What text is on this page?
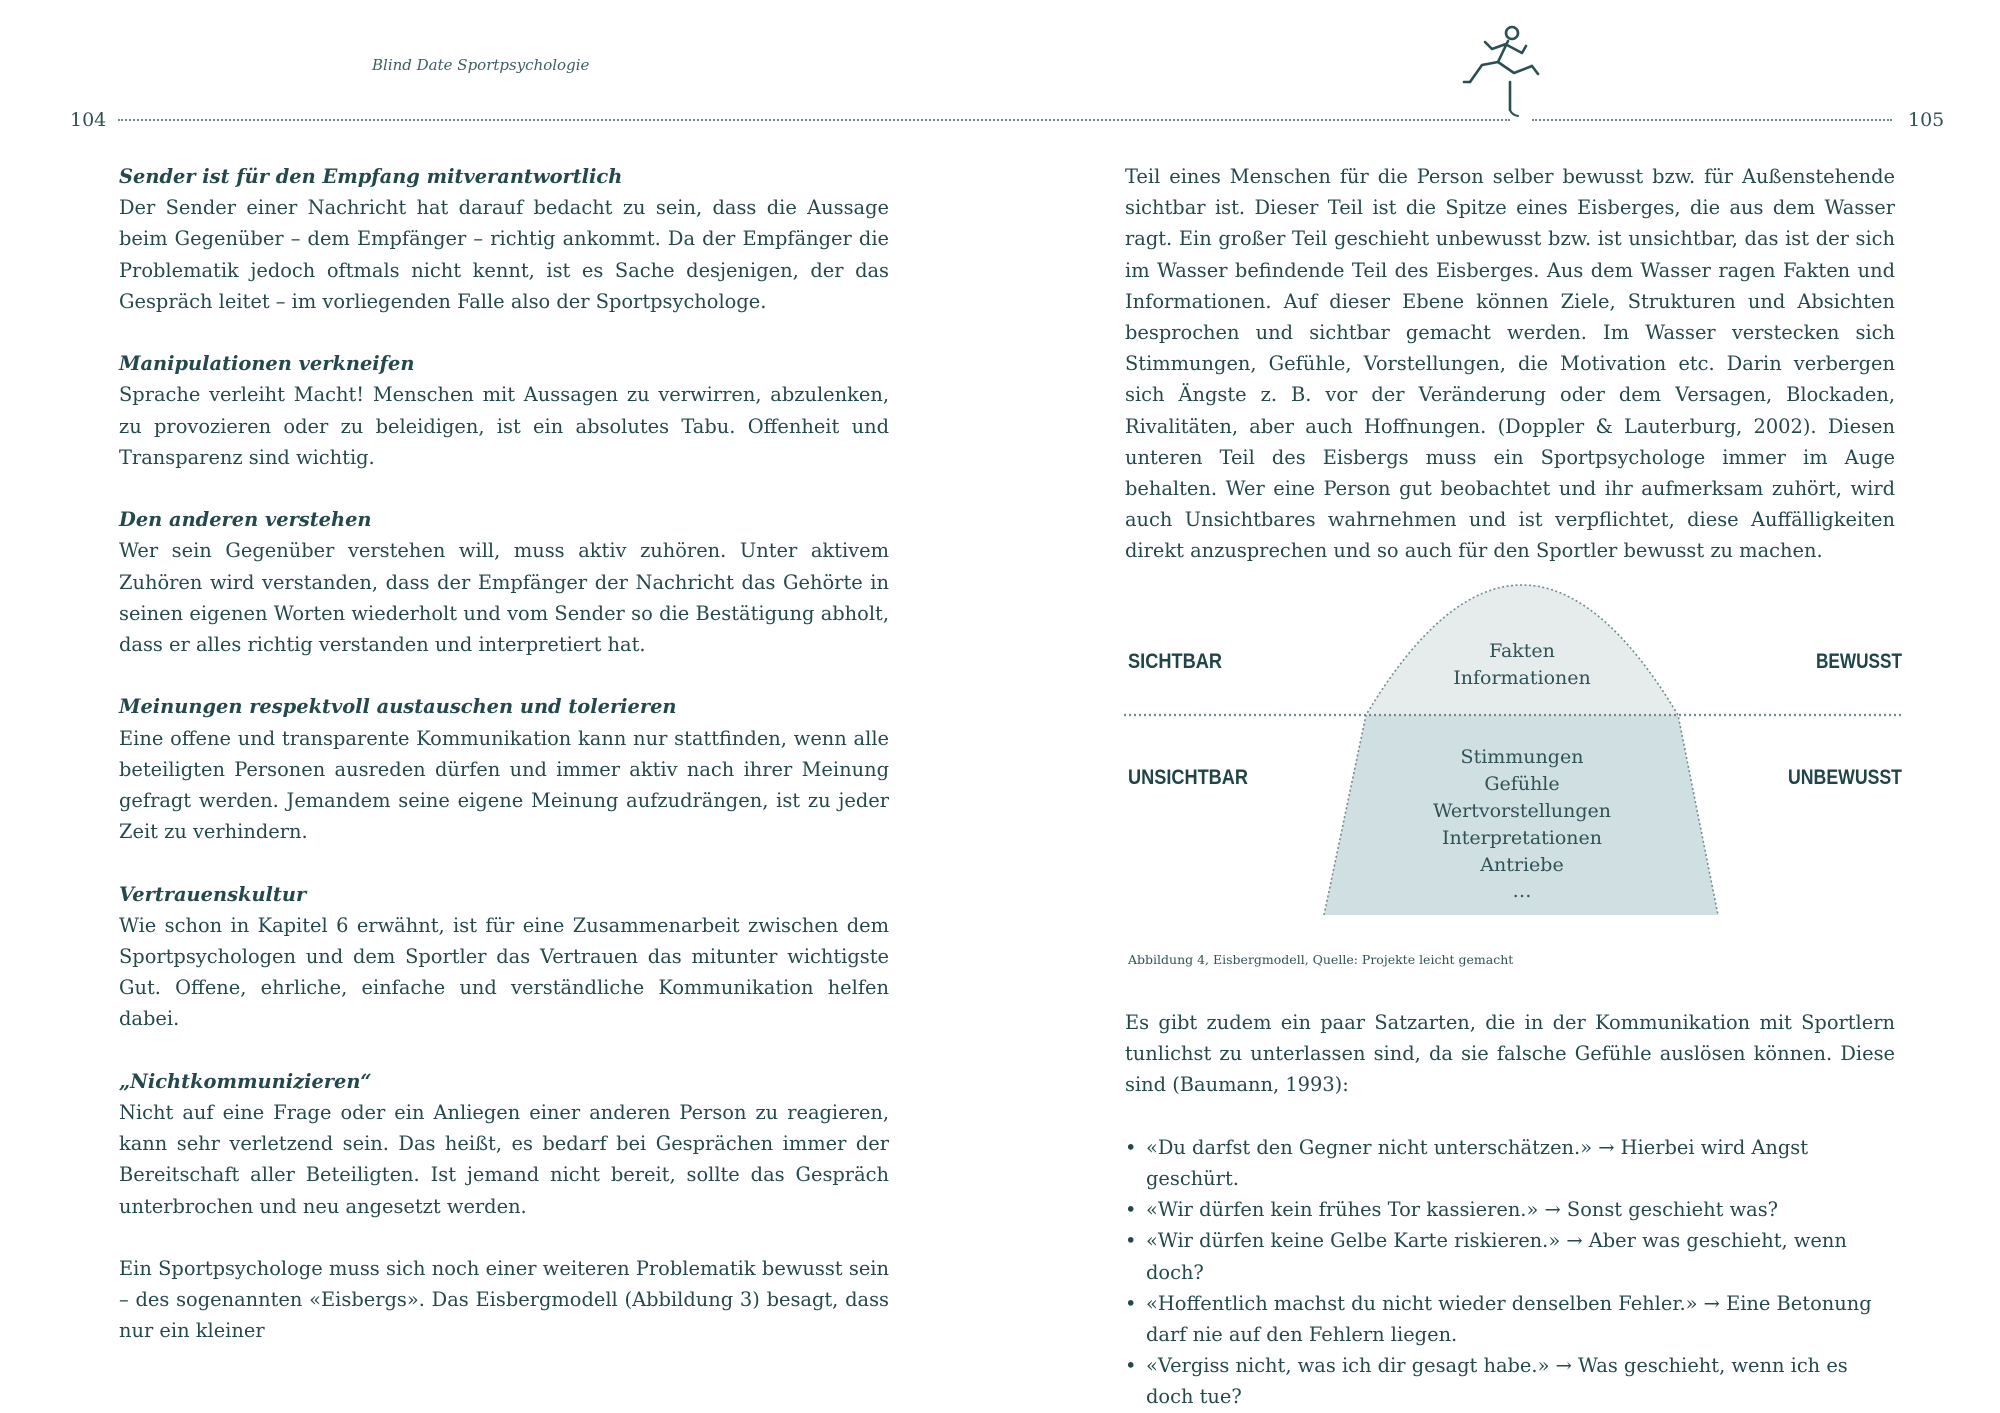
Blind Date Sportpsychologie
104	105
Sender ist für den Empfang mitverantwortlich
Der Sender einer Nachricht hat darauf bedacht zu sein, dass die Aussage beim Gegenüber – dem Empfänger – richtig ankommt. Da der Empfänger die Problematik jedoch oftmals nicht kennt, ist es Sache desjenigen, der das Gespräch leitet – im vorliegenden Falle also der Sportpsychologe.
Manipulationen verkneifen
Sprache verleiht Macht! Menschen mit Aussagen zu verwirren, abzulenken, zu provozieren oder zu beleidigen, ist ein absolutes Tabu. Offenheit und Transparenz sind wichtig.
Den anderen verstehen
Wer sein Gegenüber verstehen will, muss aktiv zuhören. Unter aktivem Zuhören wird verstanden, dass der Empfänger der Nachricht das Gehörte in seinen eigenen Worten wiederholt und vom Sender so die Bestätigung abholt, dass er alles richtig verstanden und interpretiert hat.
Meinungen respektvoll austauschen und tolerieren
Eine offene und transparente Kommunikation kann nur stattfinden, wenn alle beteiligten Personen ausreden dürfen und immer aktiv nach ihrer Meinung gefragt werden. Jemandem seine eigene Meinung aufzudrängen, ist zu jeder Zeit zu verhindern.
Vertrauenskultur
Wie schon in Kapitel 6 erwähnt, ist für eine Zusammenarbeit zwischen dem Sportpsychologen und dem Sportler das Vertrauen das mitunter wichtigste Gut. Offene, ehrliche, einfache und verständliche Kommunikation helfen dabei.
„Nichtkommunizieren“
Nicht auf eine Frage oder ein Anliegen einer anderen Person zu reagieren, kann sehr verletzend sein. Das heißt, es bedarf bei Gesprächen immer der Bereitschaft aller Beteiligten. Ist jemand nicht bereit, sollte das Gespräch unterbrochen und neu angesetzt werden.
Ein Sportpsychologe muss sich noch einer weiteren Problematik bewusst sein – des sogenannten «Eisbergs». Das Eisbergmodell (Abbildung 3) besagt, dass nur ein kleiner
Teil eines Menschen für die Person selber bewusst bzw. für Außenstehende sichtbar ist. Dieser Teil ist die Spitze eines Eisberges, die aus dem Wasser ragt. Ein großer Teil geschieht unbewusst bzw. ist unsichtbar, das ist der sich im Wasser befindende Teil des Eisberges. Aus dem Wasser ragen Fakten und Informationen. Auf dieser Ebene können Ziele, Strukturen und Absichten besprochen und sichtbar gemacht werden. Im Wasser verstecken sich Stimmungen, Gefühle, Vorstellungen, die Motivation etc. Darin verbergen sich Ängste z. B. vor der Veränderung oder dem Versagen, Blockaden, Rivalitäten, aber auch Hoffnungen. (Doppler & Lauterburg, 2002). Diesen unteren Teil des Eisbergs muss ein Sportpsychologe immer im Auge behalten. Wer eine Person gut beobachtet und ihr aufmerksam zuhört, wird auch Unsichtbares wahrnehmen und ist verpflichtet, diese Auffälligkeiten direkt anzusprechen und so auch für den Sportler bewusst zu machen.
SICHTBAR
UNSICHTBAR
BEWUSST
UNBEWUSST
Fakten
Informationen
Stimmungen
Gefühle
Wertvorstellungen
Interpretationen
Antriebe
…
Abbildung 4, Eisbergmodell, Quelle: Projekte leicht gemacht
Es gibt zudem ein paar Satzarten, die in der Kommunikation mit Sportlern tunlichst zu unterlassen sind, da sie falsche Gefühle auslösen können. Diese sind (Baumann, 1993):
• «Du darfst den Gegner nicht unterschätzen.» → Hierbei wird Angst geschürt.
• «Wir dürfen kein frühes Tor kassieren.» → Sonst geschieht was?
• «Wir dürfen keine Gelbe Karte riskieren.» → Aber was geschieht, wenn doch?
• «Hoffentlich machst du nicht wieder denselben Fehler.» → Eine Betonung darf nie auf den Fehlern liegen.
• «Vergiss nicht, was ich dir gesagt habe.» → Was geschieht, wenn ich es doch tue?
